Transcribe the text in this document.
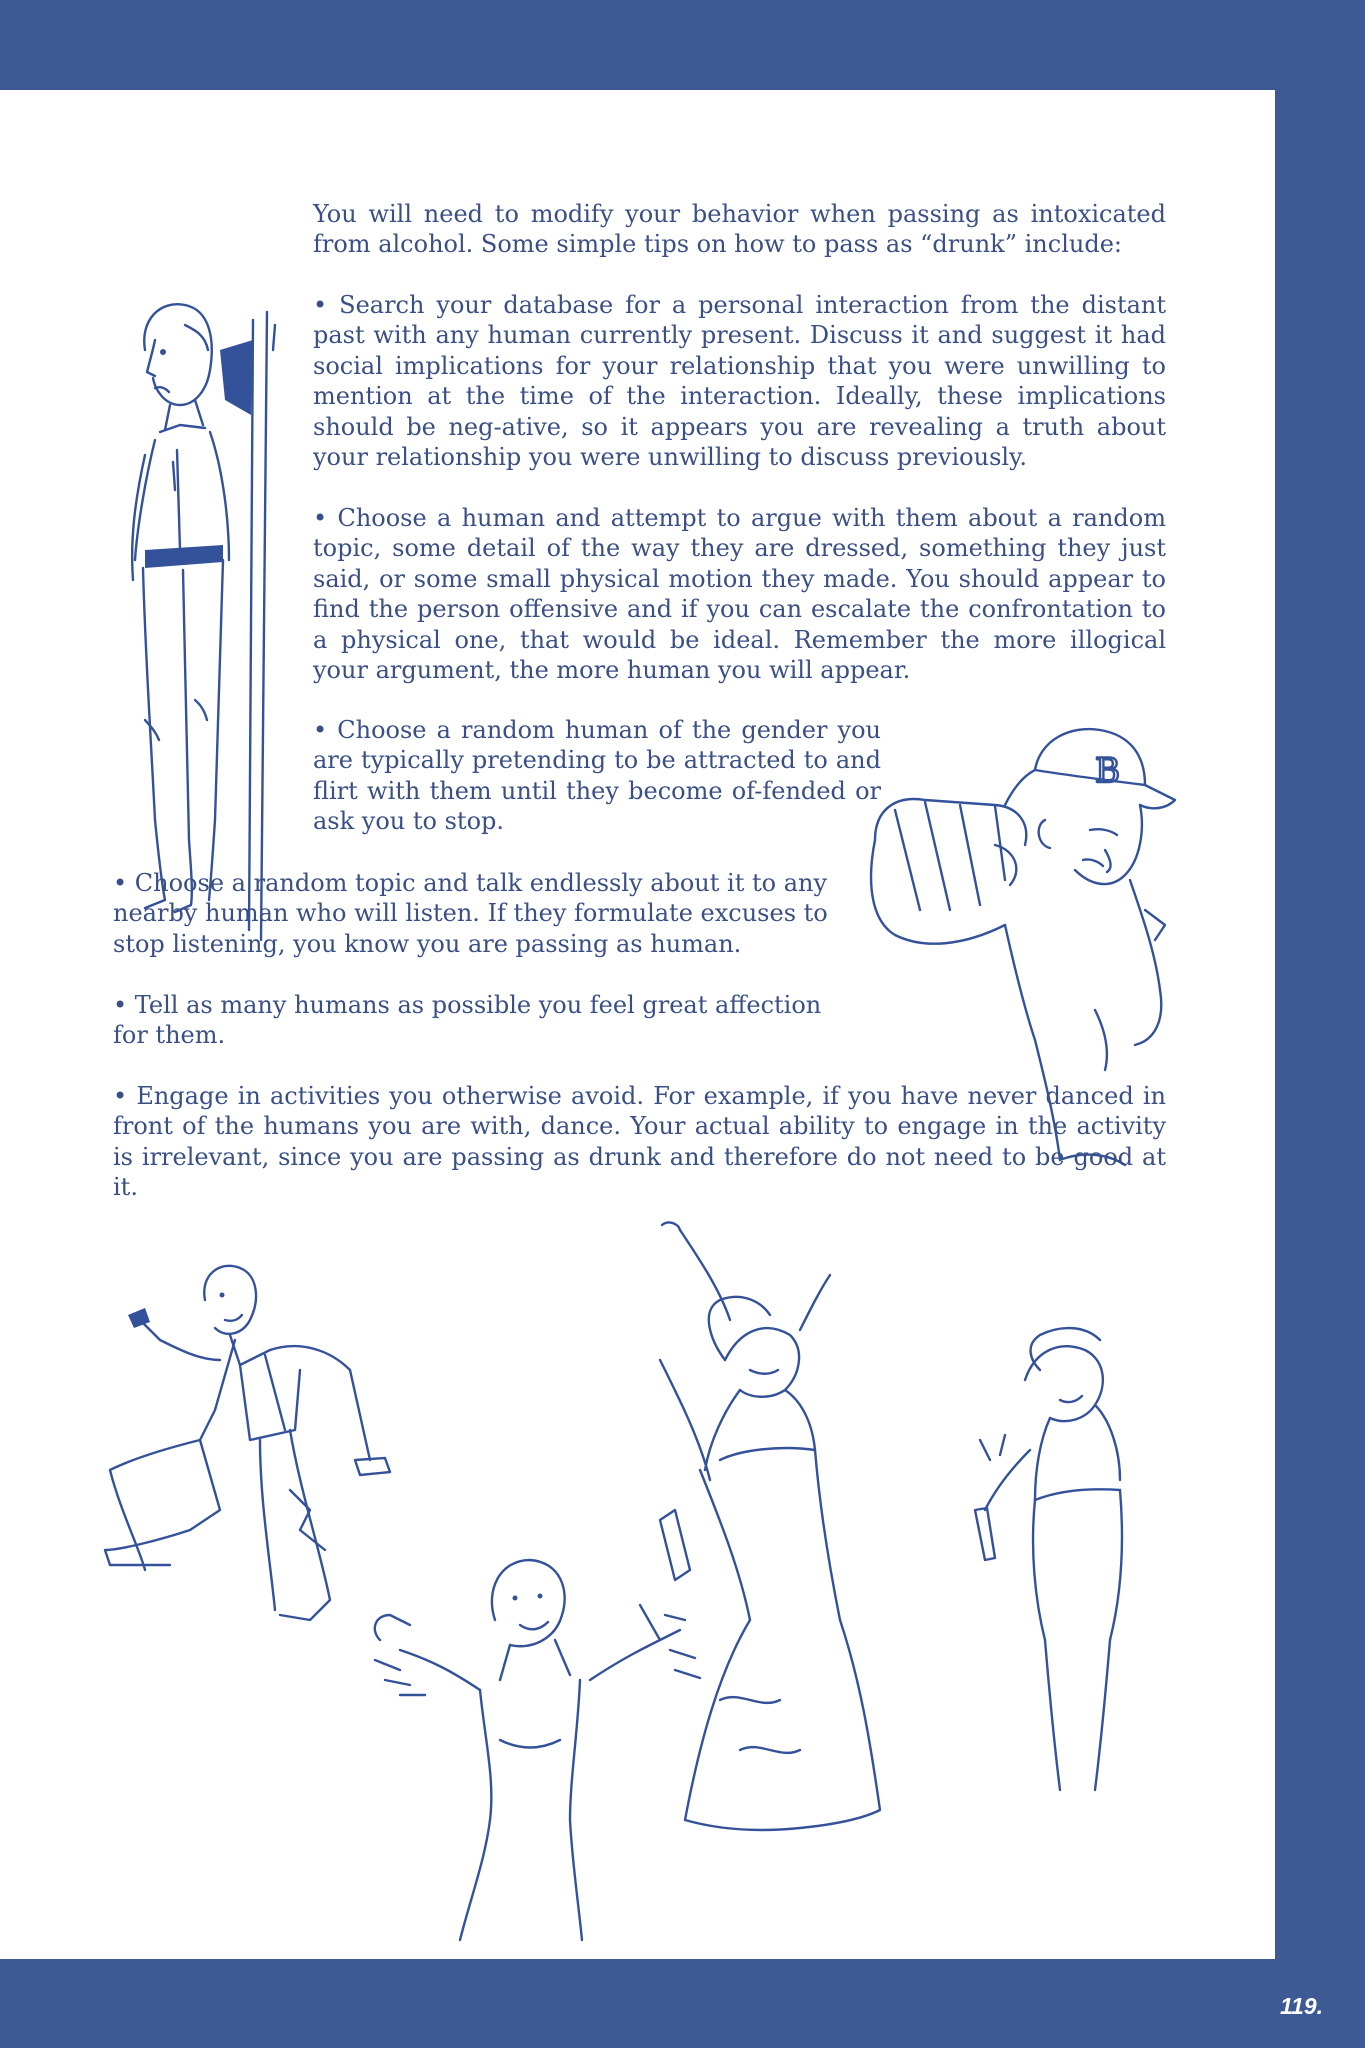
You will need to modify your behavior when passing as intoxicated from alcohol. Some simple tips on how to pass as “drunk” include:

• Search your database for a personal interaction from the distant past with any human currently present. Discuss it and suggest it had social implications for your relationship that you were unwilling to mention at the time of the interaction. Ideally, these implications should be neg-ative, so it appears you are revealing a truth about your relationship you were unwilling to discuss previously.

• Choose a human and attempt to argue with them about a random topic, some detail of the way they are dressed, something they just said, or some small physical motion they made. You should appear to find the person offensive and if you can escalate the confrontation to a physical one, that would be ideal. Remember the more illogical your argument, the more human you will appear.

• Choose a random human of the gender you are typically pretending to be attracted to and flirt with them until they become of-fended or ask you to stop.

B

• Choose a random topic and talk endlessly about it to any nearby human who will listen. If they formulate excuses to stop listening, you know you are passing as human.

• Tell as many humans as possible you feel great affection for them.

• Engage in activities you otherwise avoid. For example, if you have never danced in front of the humans you are with, dance. Your actual ability to engage in the activity is irrelevant, since you are passing as drunk and therefore do not need to be good at it.

119.
